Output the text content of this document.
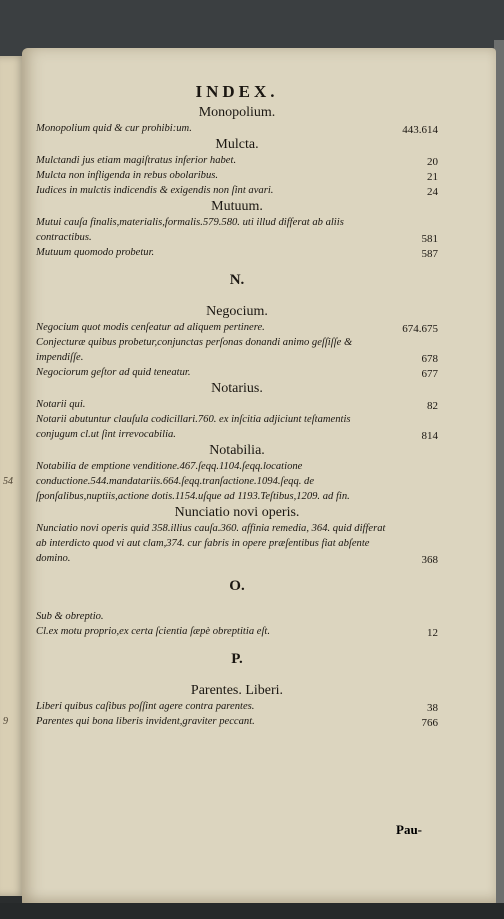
54
9
INDEX.
Monopolium.
Monopolium quid & cur prohibi:um.	443.614
Mulcta.
Mulctandi jus etiam magiſtratus inferior habet.	20
Mulcta non infligenda in rebus obolaribus.	21
Iudices in mulctis indicendis & exigendis non ſint avari.	24
Mutuum.
Mutui cauſa finalis,materialis,formalis.579.580. uti illud differat ab aliis contractibus.	581
Mutuum quomodo probetur.	587
N.
Negocium.
Negocium quot modis cenſeatur ad aliquem pertinere.	674.675
Conjecturæ quibus probetur,conjunctas perſonas donandi animo geſſiſſe & impendiſſe.	678
Negociorum geſtor ad quid teneatur.	677
Notarius.
Notarii qui.	82
Notarii abutuntur clauſula codicillari.760. ex inſcitia adjiciunt teſtamentis conjugum cl.ut ſint irrevocabilia.	814
Notabilia.
Notabilia de emptione venditione.467.ſeqq.1104.ſeqq.locatione conductione.544.mandatariis.664.ſeqq.tranſactione.1094.ſeqq. de ſponſalibus,nuptiis,actione dotis.1154.uſque ad 1193.Teſtibus,1209. ad fin.
Nunciatio novi operis.
Nunciatio novi operis quid 358.illius cauſa.360. affinia remedia, 364. quid differat ab interdicto quod vi aut clam,374. cur fabris in opere præſentibus fiat abſente domino.	368
O.
Sub & obreptio.
Cl.ex motu proprio,ex certa ſcientia ſæpè obreptitia eſt.	12
P.
Parentes. Liberi.
Liberi quibus caſibus poſſint agere contra parentes.	38
Parentes qui bona liberis invident,graviter peccant.	766
Pau-
